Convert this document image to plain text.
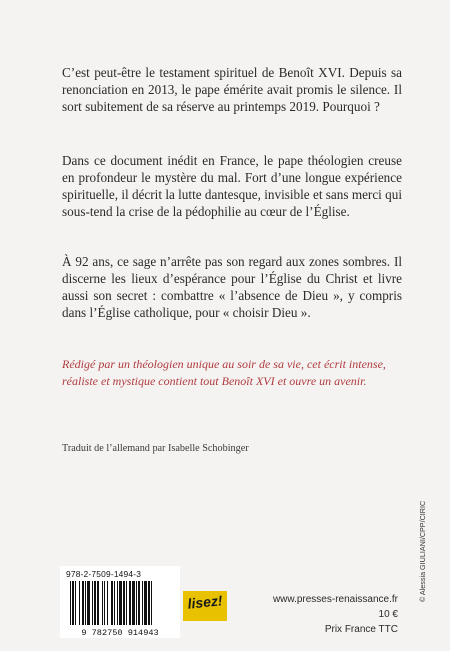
C’est peut-être le testament spirituel de Benoît XVI. Depuis sa renonciation en 2013, le pape émérite avait promis le silence. Il sort subitement de sa réserve au printemps 2019. Pourquoi ?

Dans ce document inédit en France, le pape théologien creuse en profondeur le mystère du mal. Fort d’une longue expérience spirituelle, il décrit la lutte dantesque, invisible et sans merci qui sous-tend la crise de la pédophilie au cœur de l’Église.

À 92 ans, ce sage n’arrête pas son regard aux zones sombres. Il discerne les lieux d’espérance pour l’Église du Christ et livre aussi son secret : combattre « l’absence de Dieu », y compris dans l’Église catholique, pour « choisir Dieu ».

Rédigé par un théologien unique au soir de sa vie, cet écrit intense, réaliste et mystique contient tout Benoît XVI et ouvre un avenir.

Traduit de l’allemand par Isabelle Schobinger

© Alessia GIULIANI/CPP/CIRIC

978-2-7509-1494-3

9 782750 914943
lisez!	www.presses-renaissance.fr
10 €
Prix France TTC
